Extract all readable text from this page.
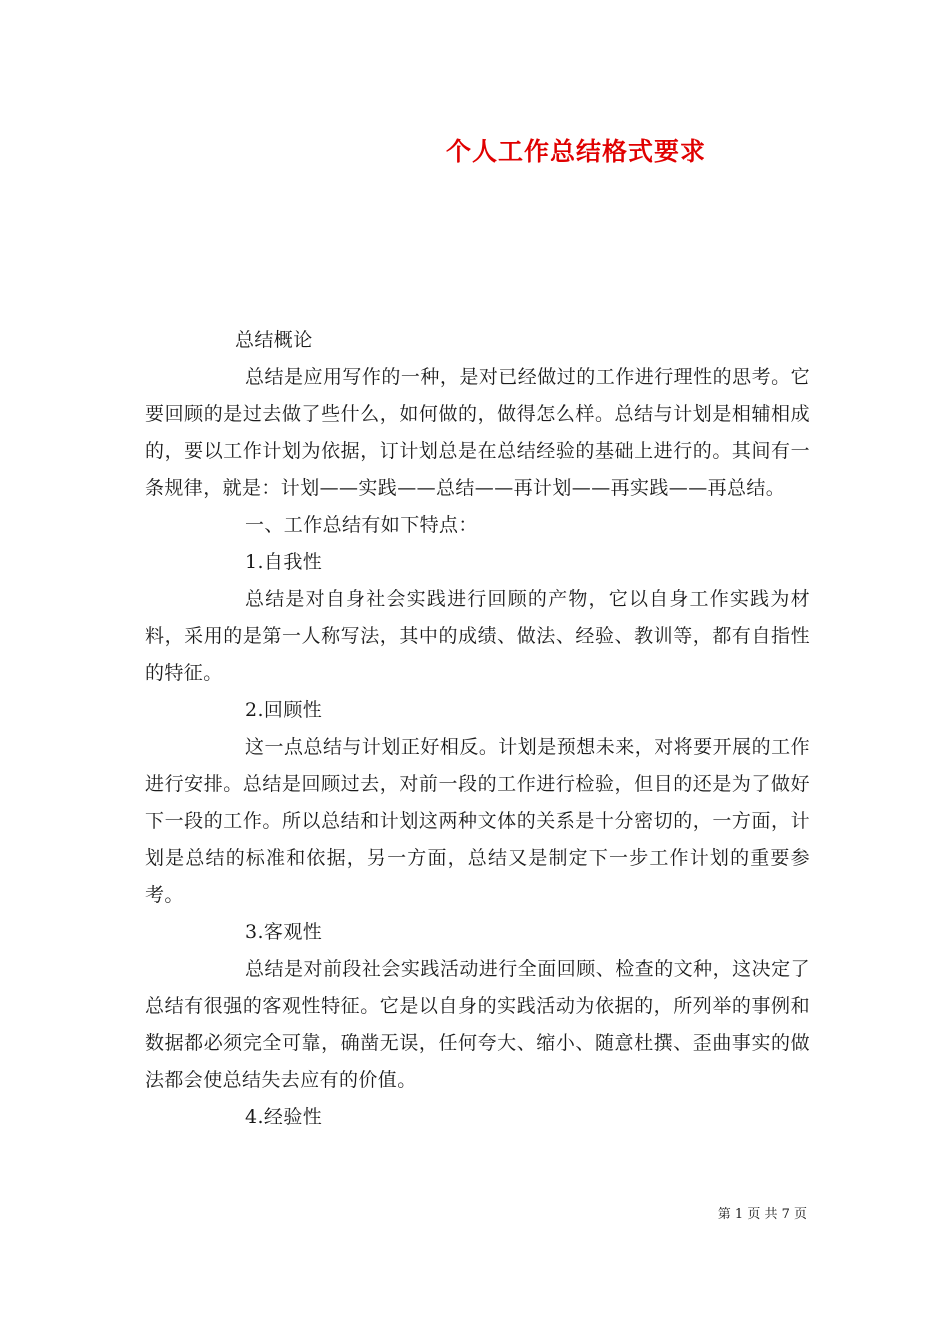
个人工作总结格式要求

总结概论

总结是应用写作的一种，是对已经做过的工作进行理性的思考。它要回顾的是过去做了些什么，如何做的，做得怎么样。总结与计划是相辅相成的，要以工作计划为依据，订计划总是在总结经验的基础上进行的。其间有一条规律，就是：计划——实践——总结——再计划——再实践——再总结。

一、工作总结有如下特点：

1.自我性

总结是对自身社会实践进行回顾的产物，它以自身工作实践为材料，采用的是第一人称写法，其中的成绩、做法、经验、教训等，都有自指性的特征。

2.回顾性

这一点总结与计划正好相反。计划是预想未来，对将要开展的工作进行安排。总结是回顾过去，对前一段的工作进行检验，但目的还是为了做好下一段的工作。所以总结和计划这两种文体的关系是十分密切的，一方面，计划是总结的标准和依据，另一方面，总结又是制定下一步工作计划的重要参考。

3.客观性

总结是对前段社会实践活动进行全面回顾、检查的文种，这决定了总结有很强的客观性特征。它是以自身的实践活动为依据的，所列举的事例和数据都必须完全可靠，确凿无误，任何夸大、缩小、随意杜撰、歪曲事实的做法都会使总结失去应有的价值。

4.经验性

第 1 页 共 7 页
